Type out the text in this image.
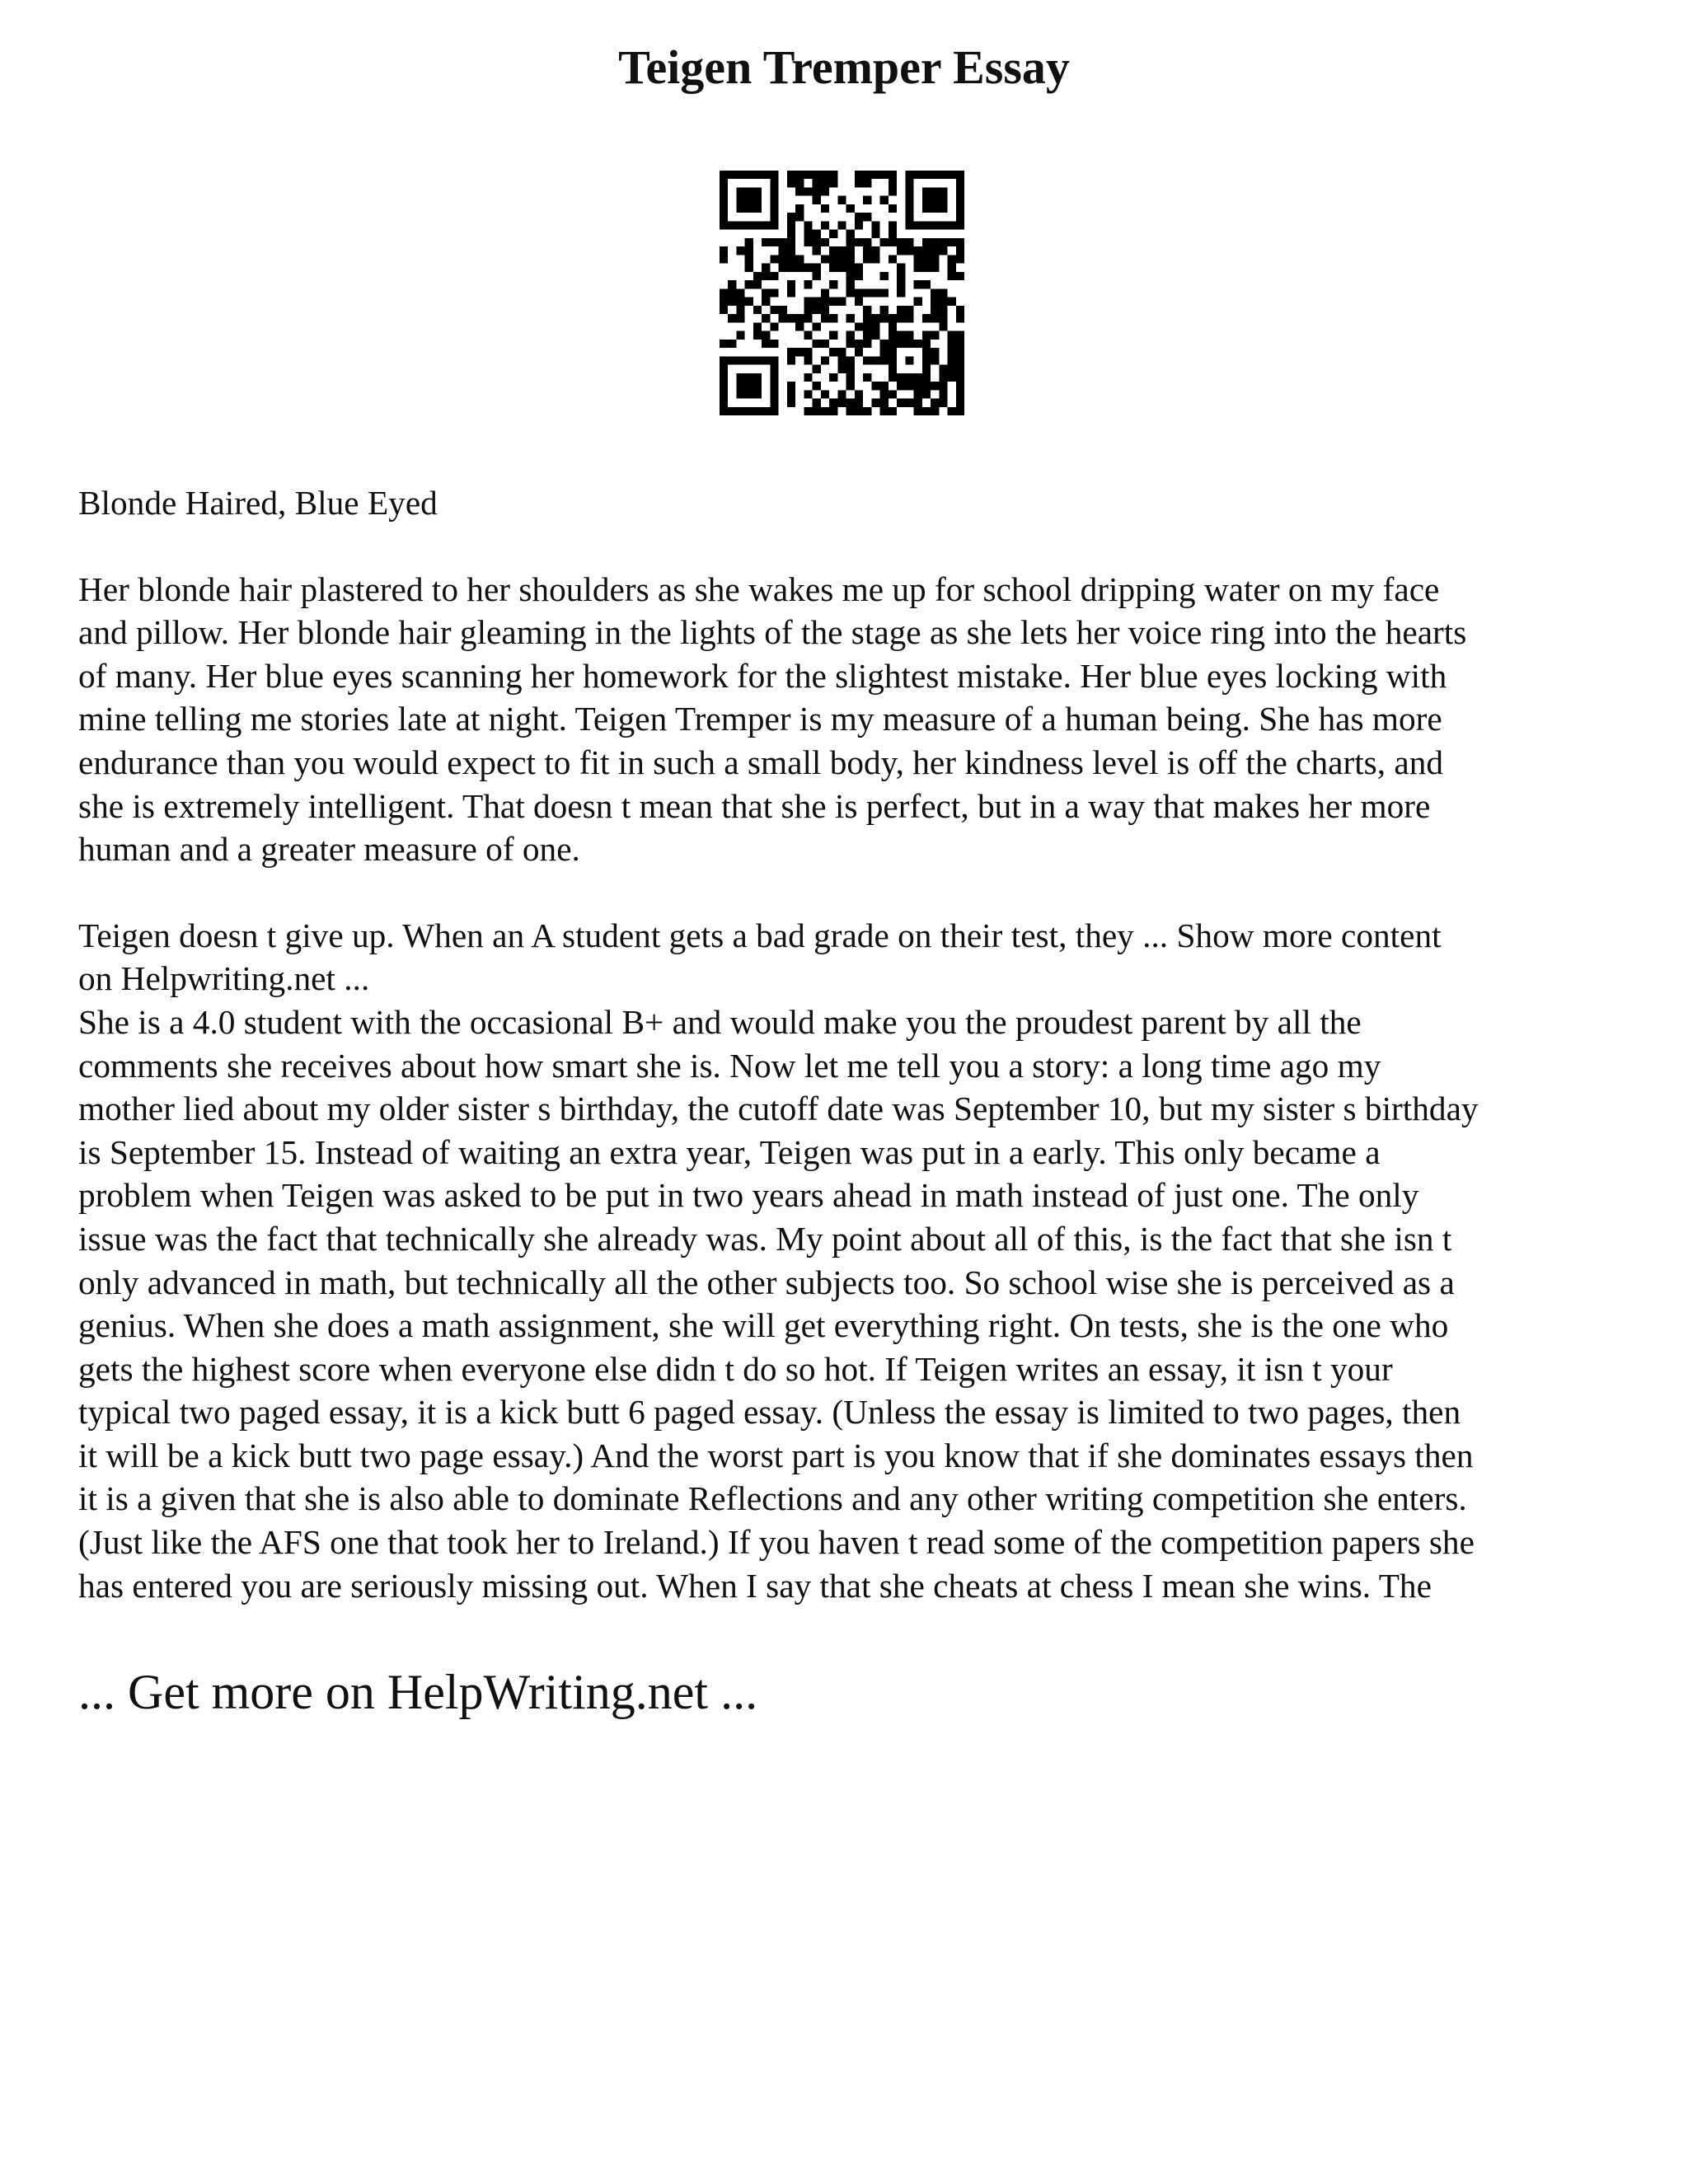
Teigen Tremper Essay

Blonde Haired, Blue Eyed

Her blonde hair plastered to her shoulders as she wakes me up for school dripping water on my face
and pillow. Her blonde hair gleaming in the lights of the stage as she lets her voice ring into the hearts
of many. Her blue eyes scanning her homework for the slightest mistake. Her blue eyes locking with
mine telling me stories late at night. Teigen Tremper is my measure of a human being. She has more
endurance than you would expect to fit in such a small body, her kindness level is off the charts, and
she is extremely intelligent. That doesn t mean that she is perfect, but in a way that makes her more
human and a greater measure of one.

Teigen doesn t give up. When an A student gets a bad grade on their test, they ... Show more content
on Helpwriting.net ...

She is a 4.0 student with the occasional B+ and would make you the proudest parent by all the
comments she receives about how smart she is. Now let me tell you a story: a long time ago my
mother lied about my older sister s birthday, the cutoff date was September 10, but my sister s birthday
is September 15. Instead of waiting an extra year, Teigen was put in a early. This only became a
problem when Teigen was asked to be put in two years ahead in math instead of just one. The only
issue was the fact that technically she already was. My point about all of this, is the fact that she isn t
only advanced in math, but technically all the other subjects too. So school wise she is perceived as a
genius. When she does a math assignment, she will get everything right. On tests, she is the one who
gets the highest score when everyone else didn t do so hot. If Teigen writes an essay, it isn t your
typical two paged essay, it is a kick butt 6 paged essay. (Unless the essay is limited to two pages, then
it will be a kick butt two page essay.) And the worst part is you know that if she dominates essays then
it is a given that she is also able to dominate Reflections and any other writing competition she enters.
(Just like the AFS one that took her to Ireland.) If you haven t read some of the competition papers she
has entered you are seriously missing out. When I say that she cheats at chess I mean she wins. The

... Get more on HelpWriting.net ...
